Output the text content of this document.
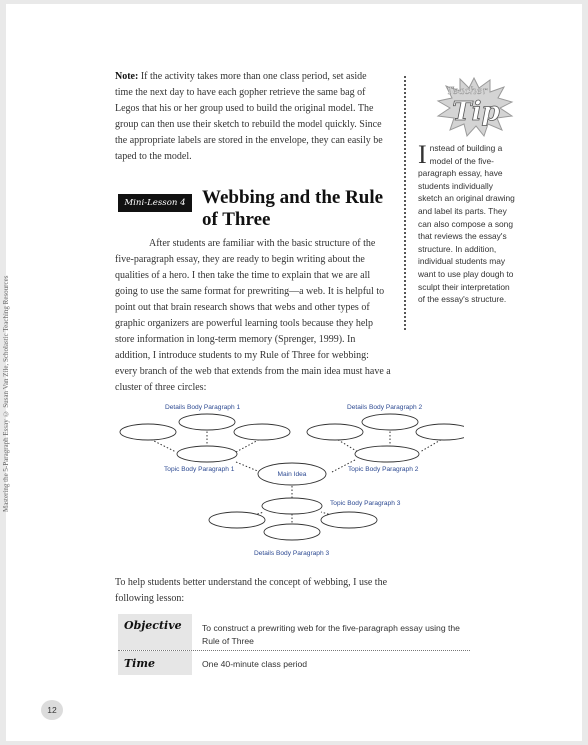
Mastering the 5-Paragraph Essay © Susan Van Zile, Scholastic Teaching Resources

Note: If the activity takes more than one class period, set aside time the next day to have each gopher retrieve the same bag of Legos that his or her group used to build the original model. The group can then use their sketch to rebuild the model quickly. Since the appropriate labels are stored in the envelope, they can easily be taped to the model.

Teacher
Tip

Instead of building a model of the five-paragraph essay, have students individually sketch an original drawing and label its parts. They can also compose a song that reviews the essay's structure. In addition, individual students may want to use play dough to sculpt their interpretation of the essay's structure.

Mini-Lesson 4 Webbing and the Rule of Three

After students are familiar with the basic structure of the five-paragraph essay, they are ready to begin writing about the qualities of a hero. I then take the time to explain that we are all going to use the same format for prewriting—a web. It is helpful to point out that brain research shows that webs and other types of graphic organizers are powerful learning tools because they help store information in long-term memory (Sprenger, 1999). In addition, I introduce students to my Rule of Three for webbing: every branch of the web that extends from the main idea must have a cluster of three circles:

Details Body Paragraph 1	Details Body Paragraph 2
Topic Body Paragraph 1	Topic Body Paragraph 2
Main Idea
Topic Body Paragraph 3
Details Body Paragraph 3

To help students better understand the concept of webbing, I use the following lesson:

Objective	To construct a prewriting web for the five-paragraph essay using the Rule of Three
Time	One 40-minute class period
12
